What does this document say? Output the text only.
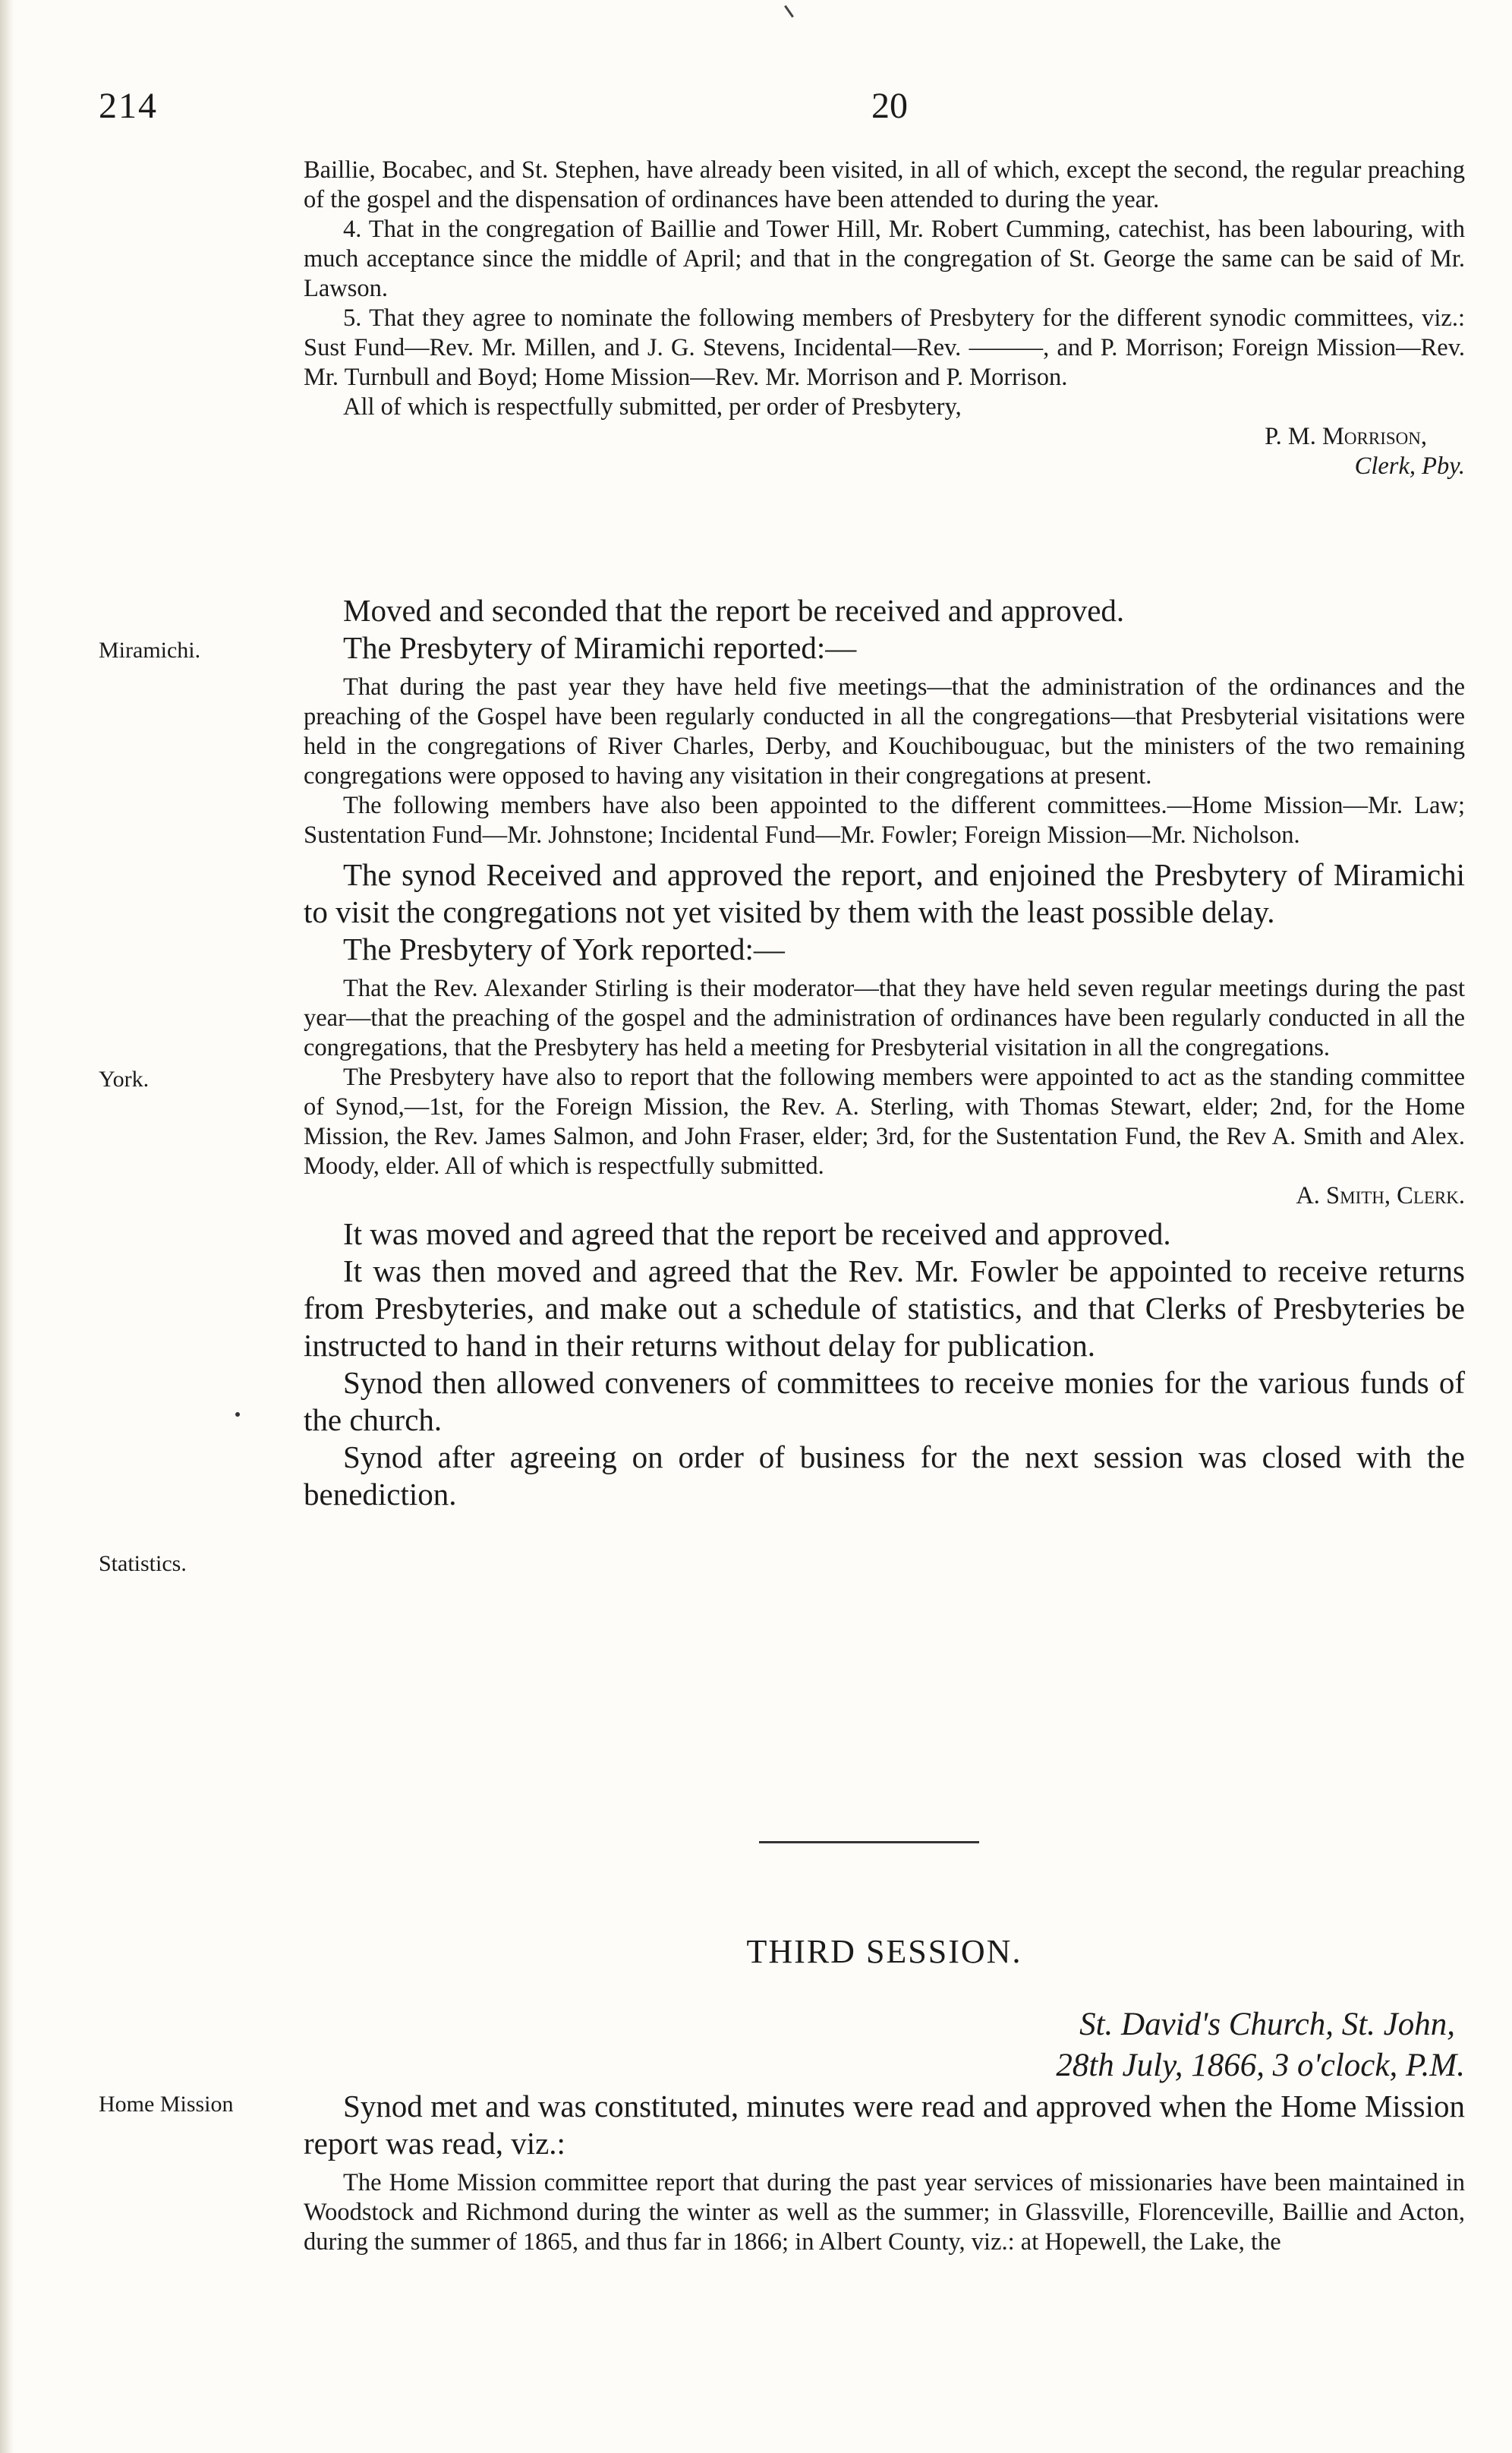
214	20

Baillie, Bocabec, and St. Stephen, have already been visited, in all of which, except the second, the regular preaching of the gospel and the dispensation of ordinances have been attended to during the year.

4. That in the congregation of Baillie and Tower Hill, Mr. Robert Cumming, catechist, has been labouring, with much acceptance since the middle of April; and that in the congregation of St. George the same can be said of Mr. Lawson.

5. That they agree to nominate the following members of Presbytery for the different synodic committees, viz.: Sust Fund—Rev. Mr. Millen, and J. G. Stevens, Incidental—Rev. ———, and P. Morrison; Foreign Mission—Rev. Mr. Turnbull and Boyd; Home Mission—Rev. Mr. Morrison and P. Morrison.

All of which is respectfully submitted, per order of Presbytery,

P. M. Morrison,

Clerk, Pby.

Moved and seconded that the report be received and approved.

The Presbytery of Miramichi reported:—

That during the past year they have held five meetings—that the administration of the ordinances and the preaching of the Gospel have been regularly conducted in all the congregations—that Presbyterial visitations were held in the congregations of River Charles, Derby, and Kouchibouguac, but the ministers of the two remaining congregations were opposed to having any visitation in their congregations at present.

The following members have also been appointed to the different committees.—Home Mission—Mr. Law; Sustentation Fund—Mr. Johnstone; Incidental Fund—Mr. Fowler; Foreign Mission—Mr. Nicholson.

The synod Received and approved the report, and enjoined the Presbytery of Miramichi to visit the congregations not yet visited by them with the least possible delay.

The Presbytery of York reported:—

That the Rev. Alexander Stirling is their moderator—that they have held seven regular meetings during the past year—that the preaching of the gospel and the administration of ordinances have been regularly conducted in all the congregations, that the Presbytery has held a meeting for Presbyterial visitation in all the congregations.

The Presbytery have also to report that the following members were appointed to act as the standing committee of Synod,—1st, for the Foreign Mission, the Rev. A. Sterling, with Thomas Stewart, elder; 2nd, for the Home Mission, the Rev. James Salmon, and John Fraser, elder; 3rd, for the Sustentation Fund, the Rev A. Smith and Alex. Moody, elder. All of which is respectfully submitted.

A. Smith, Clerk.

It was moved and agreed that the report be received and approved.

It was then moved and agreed that the Rev. Mr. Fowler be appointed to receive returns from Presbyteries, and make out a schedule of statistics, and that Clerks of Presbyteries be instructed to hand in their returns without delay for publication.

Synod then allowed conveners of committees to receive monies for the various funds of the church.

Synod after agreeing on order of business for the next session was closed with the benediction.

Miramichi.
York.
Statistics.
Home Mission
THIRD SESSION.
St. David's Church, St. John,
28th July, 1866, 3 o'clock, P.M.

Synod met and was constituted, minutes were read and approved when the Home Mission report was read, viz.:

The Home Mission committee report that during the past year services of missionaries have been maintained in Woodstock and Richmond during the winter as well as the summer; in Glassville, Florenceville, Baillie and Acton, during the summer of 1865, and thus far in 1866; in Albert County, viz.: at Hopewell, the Lake, the
